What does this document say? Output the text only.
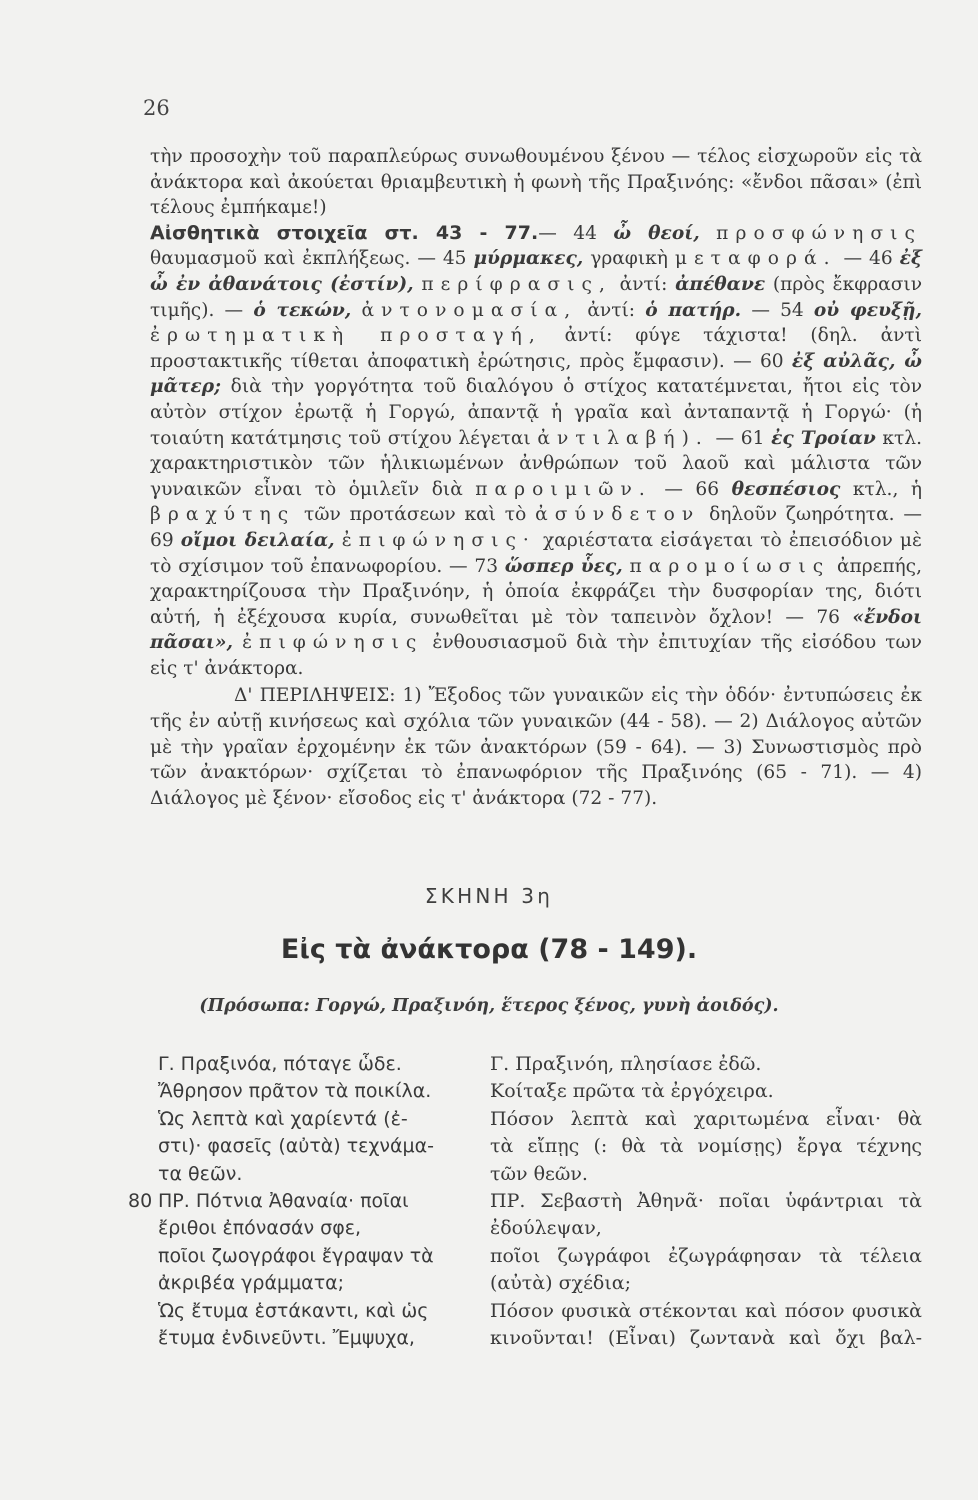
26

τὴν προσοχὴν τοῦ παραπλεύρως συνωθουμένου ξένου — τέλος εἰσχωροῦν εἰς τὰ ἀνάκτορα καὶ ἀκούεται θριαμβευτικὴ ἡ φωνὴ τῆς Πραξινόης: «ἔνδοι πᾶσαι» (ἐπὶ τέλους ἐμπήκαμε!)

Αἰσθητικὰ στοιχεῖα στ. 43 - 77.— 44 ὦ θεοί, προσφώνησις θαυμασμοῦ καὶ ἐκπλήξεως. — 45 μύρμακες, γραφικὴ μεταφορά. — 46 ἐξ ὦ ἐν ἀθανάτοις (ἐστίν), περίφρασις, ἀντί: ἀπέθανε (πρὸς ἔκφρασιν τιμῆς). — ὁ τεκών, ἀντονομασία, ἀντί: ὁ πατήρ. — 54 οὐ φευξῇ, ἐρωτηματικὴ προσταγή, ἀντί: φύγε τάχιστα! (δηλ. ἀντὶ προστακτικῆς τίθεται ἀποφατικὴ ἐρώτησις, πρὸς ἔμφασιν). — 60 ἐξ αὐλᾶς, ὦ μᾶτερ; διὰ τὴν γοργότητα τοῦ διαλόγου ὁ στίχος κατατέμνεται, ἤτοι εἰς τὸν αὐτὸν στίχον ἐρωτᾷ ἡ Γοργώ, ἀπαντᾷ ἡ γραῖα καὶ ἀνταπαντᾷ ἡ Γοργώ· (ἡ τοιαύτη κατάτμησις τοῦ στίχου λέγεται ἀντιλαβή). — 61 ἐς Τροίαν κτλ. χαρακτηριστικὸν τῶν ἡλικιωμένων ἀνθρώπων τοῦ λαοῦ καὶ μάλιστα τῶν γυναικῶν εἶναι τὸ ὁμιλεῖν διὰ παροιμιῶν. — 66 θεσπέσιος κτλ., ἡ βραχύτης τῶν προτάσεων καὶ τὸ ἀσύνδετον δηλοῦν ζωηρότητα. — 69 οἴμοι δειλαία, ἐπιφώνησις· χαριέστατα εἰσάγεται τὸ ἐπεισόδιον μὲ τὸ σχίσιμον τοῦ ἐπανωφορίου. — 73 ὥσπερ ὗες, παρομοίωσις ἀπρεπής, χαρακτηρίζουσα τὴν Πραξινόην, ἡ ὁποία ἐκφράζει τὴν δυσφορίαν της, διότι αὐτή, ἡ ἐξέχουσα κυρία, συνωθεῖται μὲ τὸν ταπεινὸν ὄχλον! — 76 «ἔνδοι πᾶσαι», ἐπιφώνησις ἐνθουσιασμοῦ διὰ τὴν ἐπιτυχίαν τῆς εἰσόδου των εἰς τ' ἀνάκτορα.

Δ' ΠΕΡΙΛΗΨΕΙΣ: 1) Ἔξοδος τῶν γυναικῶν εἰς τὴν ὁδόν· ἐντυπώσεις ἐκ τῆς ἐν αὐτῇ κινήσεως καὶ σχόλια τῶν γυναικῶν (44 - 58). — 2) Διάλογος αὐτῶν μὲ τὴν γραῖαν ἐρχομένην ἐκ τῶν ἀνακτόρων (59 - 64). — 3) Συνωστισμὸς πρὸ τῶν ἀνακτόρων· σχίζεται τὸ ἐπανωφόριον τῆς Πραξινόης (65 - 71). — 4) Διάλογος μὲ ξένον· εἴσοδος εἰς τ' ἀνάκτορα (72 - 77).

ΣΚΗΝΗ 3η
Εἰς τὰ ἀνάκτορα (78 - 149).
(Πρόσωπα: Γοργώ, Πραξινόη, ἕτερος ξένος, γυνὴ ἀοιδός).
Γ. Πραξινόα, πόταγε ὧδε.
Ἄθρησον πρᾶτον τὰ ποικίλα.
Ὡς λεπτὰ καὶ χαρίεντά (ἐ-
στι)· φασεῖς (αὐτὰ) τεχνάμα-
τα θεῶν.
80 ΠΡ. Πότνια Ἀθαναία· ποῖαι
ἔριθοι ἐπόνασάν σφε,
ποῖοι ζωογράφοι ἔγραψαν τὰ
ἀκριβέα γράμματα;
Ὡς ἔτυμα ἑστάκαντι, καὶ ὡς
ἔτυμα ἐνδινεῦντι. Ἔμψυχα,
Γ. Πραξινόη, πλησίασε ἐδῶ.
Κοίταξε πρῶτα τὰ ἐργόχειρα.
Πόσον λεπτὰ καὶ χαριτωμένα εἶναι· θὰ
τὰ εἴπῃς (: θὰ τὰ νομίσῃς) ἔργα τέχνης
τῶν θεῶν.
ΠΡ. Σεβαστὴ Ἀθηνᾶ· ποῖαι ὑφάντριαι τὰ
ἐδούλεψαν,
ποῖοι ζωγράφοι ἐζωγράφησαν τὰ τέλεια
(αὐτὰ) σχέδια;
Πόσον φυσικὰ στέκονται καὶ πόσον φυσικὰ
κινοῦνται! (Εἶναι) ζωντανὰ καὶ ὄχι βαλ-
